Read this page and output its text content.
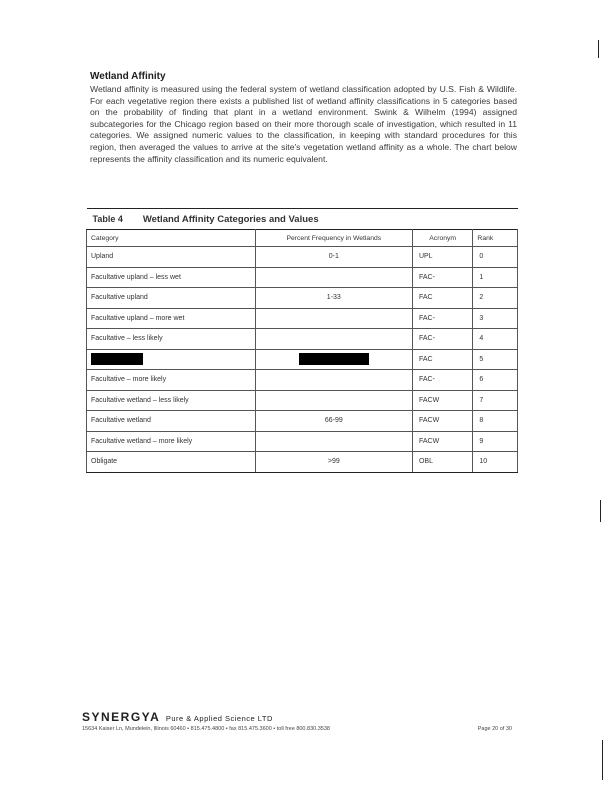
Wetland Affinity
Wetland affinity is measured using the federal system of wetland classification adopted by U.S. Fish & Wildlife. For each vegetative region there exists a published list of wetland affinity classifications in 5 categories based on the probability of finding that plant in a wetland environment. Swink & Wilhelm (1994) assigned subcategories for the Chicago region based on their more thorough scale of investigation, which resulted in 11 categories. We assigned numeric values to the classification, in keeping with standard procedures for this region, then averaged the values to arrive at the site's vegetation wetland affinity as a whole. The chart below represents the affinity classification and its numeric equivalent.
Table 4 Wetland Affinity Categories and Values			
Category	Percent Frequency in Wetlands	Acronym	Rank
Upland	0-1	UPL	0
Facultative upland – less wet		FAC-	1
Facultative upland	1-33	FAC	2
Facultative upland – more wet		FAC-	3
Facultative – less likely		FAC-	4
		FAC	5
Facultative – more likely		FAC-	6
Facultative wetland – less likely		FACW	7
Facultative wetland	66-99	FACW	8
Facultative wetland – more likely		FACW	9
Obligate	>99	OBL	10
SYNERGYA Pure & Applied Science LTD
15634 Kaiser Ln, Mundelein, Illinois 60460 • 815.475.4800 • fax 815.475.3600 • toll free 800.830.3538	Page 20 of 30
